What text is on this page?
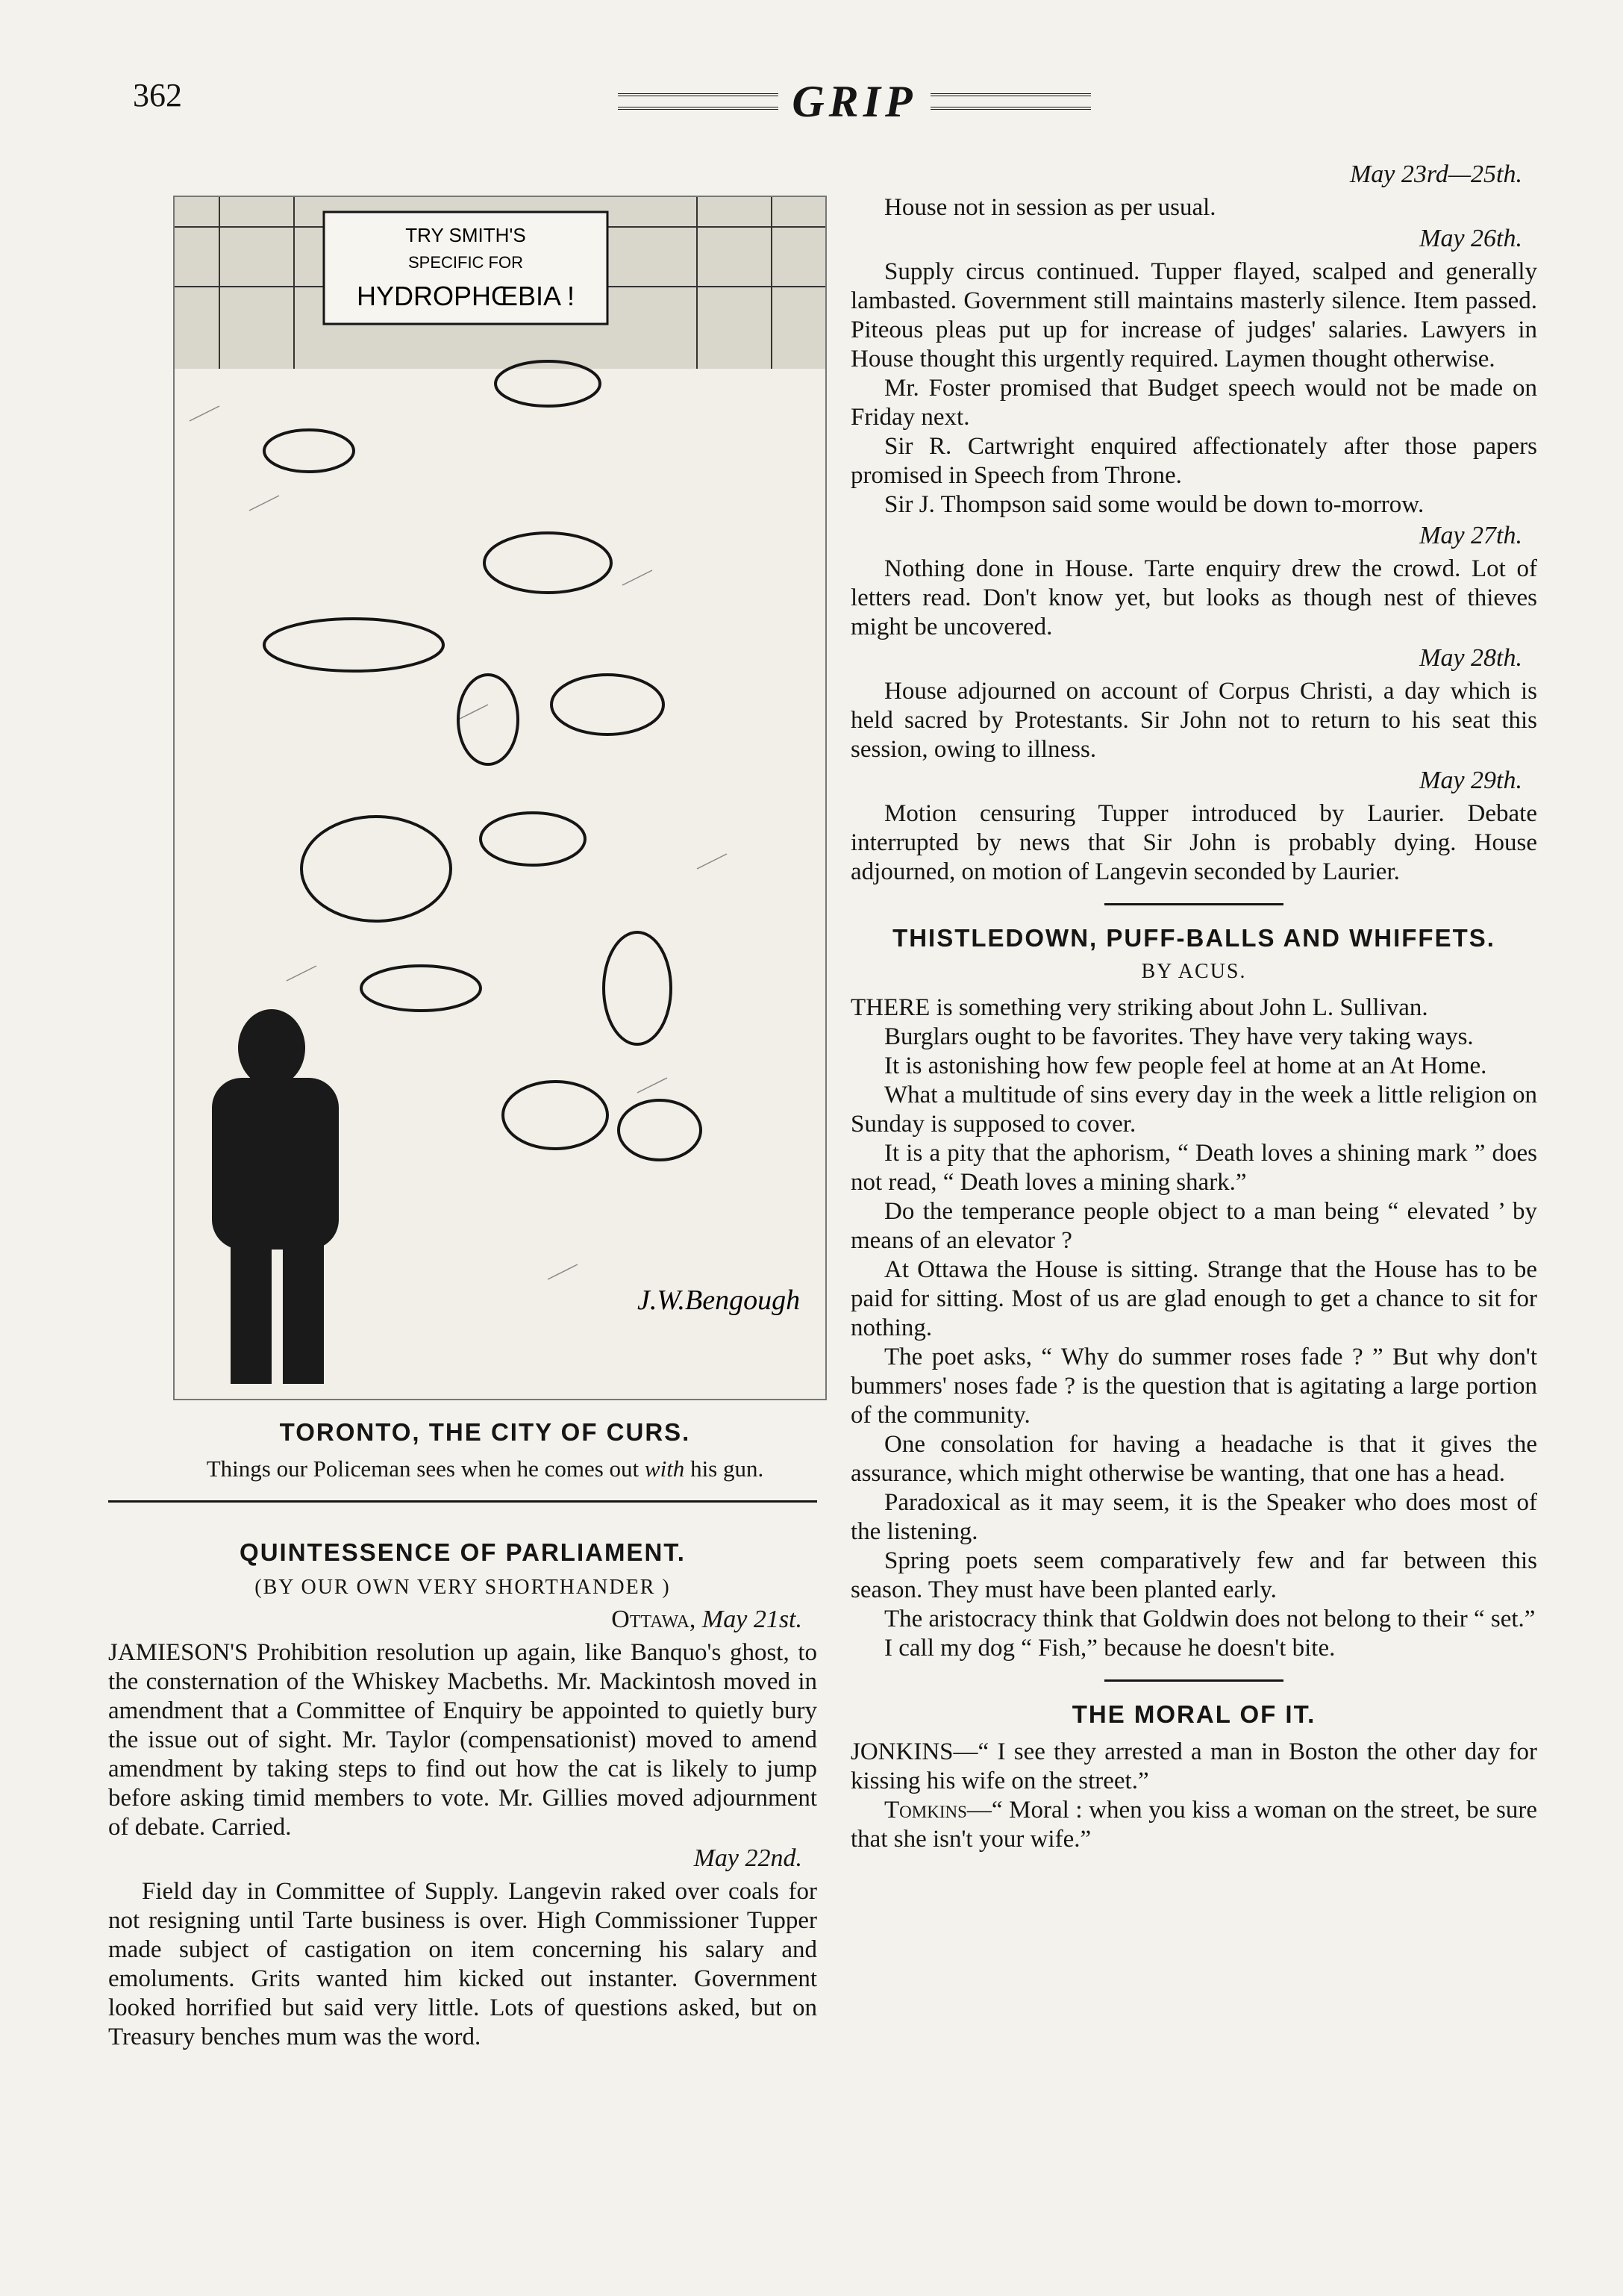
362	GRIP
TRY SMITH'S
SPECIFIC FOR
HYDROPHŒBIA !
J.W.Bengough
TORONTO, THE CITY OF CURS.
Things our Policeman sees when he comes out with his gun.
QUINTESSENCE OF PARLIAMENT.
(BY OUR OWN VERY SHORTHANDER )
Ottawa, May 21st.

JAMIESON'S Prohibition resolution up again, like Banquo's ghost, to the consternation of the Whiskey Macbeths. Mr. Mackintosh moved in amendment that a Committee of Enquiry be appointed to quietly bury the issue out of sight. Mr. Taylor (compensationist) moved to amend amendment by taking steps to find out how the cat is likely to jump before asking timid members to vote. Mr. Gillies moved adjournment of debate. Carried.

May 22nd.

Field day in Committee of Supply. Langevin raked over coals for not resigning until Tarte business is over. High Commissioner Tupper made subject of castigation on item concerning his salary and emoluments. Grits wanted him kicked out instanter. Government looked horrified but said very little. Lots of questions asked, but on Treasury benches mum was the word.

May 23rd—25th.

House not in session as per usual.

May 26th.

Supply circus continued. Tupper flayed, scalped and generally lambasted. Government still maintains masterly silence. Item passed. Piteous pleas put up for increase of judges' salaries. Lawyers in House thought this urgently required. Laymen thought otherwise.

Mr. Foster promised that Budget speech would not be made on Friday next.

Sir R. Cartwright enquired affectionately after those papers promised in Speech from Throne.

Sir J. Thompson said some would be down to-morrow.

May 27th.

Nothing done in House. Tarte enquiry drew the crowd. Lot of letters read. Don't know yet, but looks as though nest of thieves might be uncovered.

May 28th.

House adjourned on account of Corpus Christi, a day which is held sacred by Protestants. Sir John not to return to his seat this session, owing to illness.

May 29th.

Motion censuring Tupper introduced by Laurier. Debate interrupted by news that Sir John is probably dying. House adjourned, on motion of Langevin seconded by Laurier.

THISTLEDOWN, PUFF-BALLS AND WHIFFETS.
BY ACUS.

THERE is something very striking about John L. Sullivan.

Burglars ought to be favorites. They have very taking ways.

It is astonishing how few people feel at home at an At Home.

What a multitude of sins every day in the week a little religion on Sunday is supposed to cover.

It is a pity that the aphorism, “ Death loves a shining mark ” does not read, “ Death loves a mining shark.”

Do the temperance people object to a man being “ elevated ’ by means of an elevator ?

At Ottawa the House is sitting. Strange that the House has to be paid for sitting. Most of us are glad enough to get a chance to sit for nothing.

The poet asks, “ Why do summer roses fade ? ” But why don't bummers' noses fade ? is the question that is agitating a large portion of the community.

One consolation for having a headache is that it gives the assurance, which might otherwise be wanting, that one has a head.

Paradoxical as it may seem, it is the Speaker who does most of the listening.

Spring poets seem comparatively few and far between this season. They must have been planted early.

The aristocracy think that Goldwin does not belong to their “ set.”

I call my dog “ Fish,” because he doesn't bite.

THE MORAL OF IT.

JONKINS—“ I see they arrested a man in Boston the other day for kissing his wife on the street.”

Tomkins—“ Moral : when you kiss a woman on the street, be sure that she isn't your wife.”
